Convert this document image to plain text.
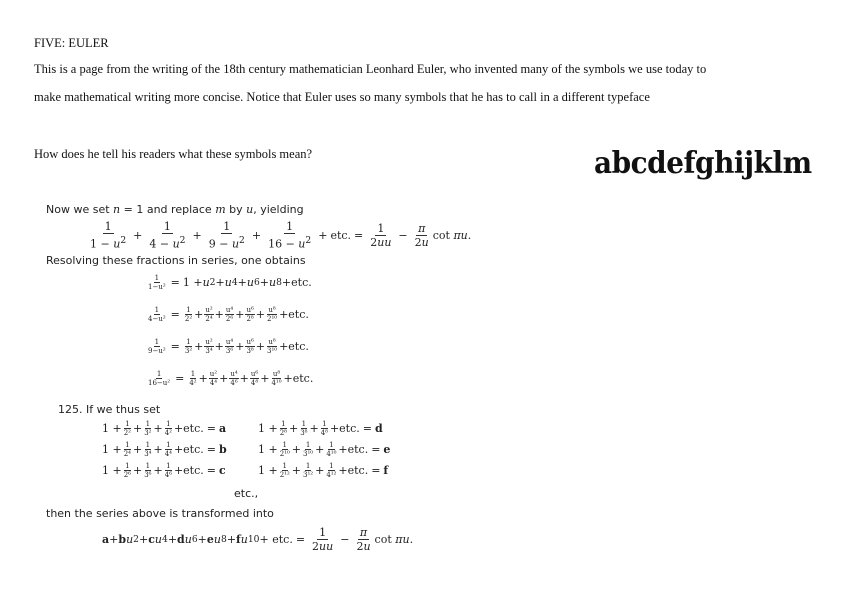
FIVE: EULER
This is a page from the writing of the 18th century mathematician Leonhard Euler, who invented many of the symbols we use today to
make mathematical writing more concise. Notice that Euler uses so many symbols that he has to call in a different typeface
How does he tell his readers what these symbols mean?	abcdefghijklm
Now we set n = 1 and replace m by u, yielding
1
$1 - u^2 + \frac{1}{4 - u^2} + \frac{1}{9 - u^2} + \frac{1}{16 - u^2}$ + etc. = $\frac{1}{2uu} - \frac{\pi}{2u}$ cot πu.
Resolving these fractions in series, one obtains
$\frac{1}{\text{1−u²}} = 1 + u$ 2 + u 4 + u 6 + u 8 + etc.
$\frac{1}{\text{4−u²}} = \frac{1}{\text{2²}} + u^2$
2⁴ + u⁴
2⁶ + u⁶
2⁸ + u⁸
2¹⁰ + etc.
$\frac{1}{\text{9−u²}} = \frac{1}{\text{3²}} + u^2$
3⁴ + u⁴
3⁶ + u⁶
3⁸ + u⁸
3¹⁰ + etc.
$\frac{1}{\text{16−u²}} = \frac{1}{\text{4²}} + u^2$
4⁴ + u⁴
4⁶ + u⁶
4⁸ + u⁸
4¹⁰ + etc.
125. If we thus set
1 + 1
2² + 1
3² + 1
4² + etc. = a
1 + 1
2⁴ + 1
3⁴ + 1
4⁴ + etc. = b
1 + 1
2⁶ + 1
3⁶ + 1
4⁶ + etc. = c
1 + 1
2⁸ + 1
3⁸ + 1
4⁸ + etc. = d
1 + 1
2¹⁰ + 1
3¹⁰ + 1
4¹⁰ + etc. = e
1 + 1
2¹² + 1
3¹² + 1
4¹² + etc. = f
etc.,
then the series above is transformed into
a + b u 2 + c u 4 + d u 6 + e u 8 + f u 10 + etc. = $\frac{1}{2uu} - \frac{\pi}{2u}$ cot πu.
